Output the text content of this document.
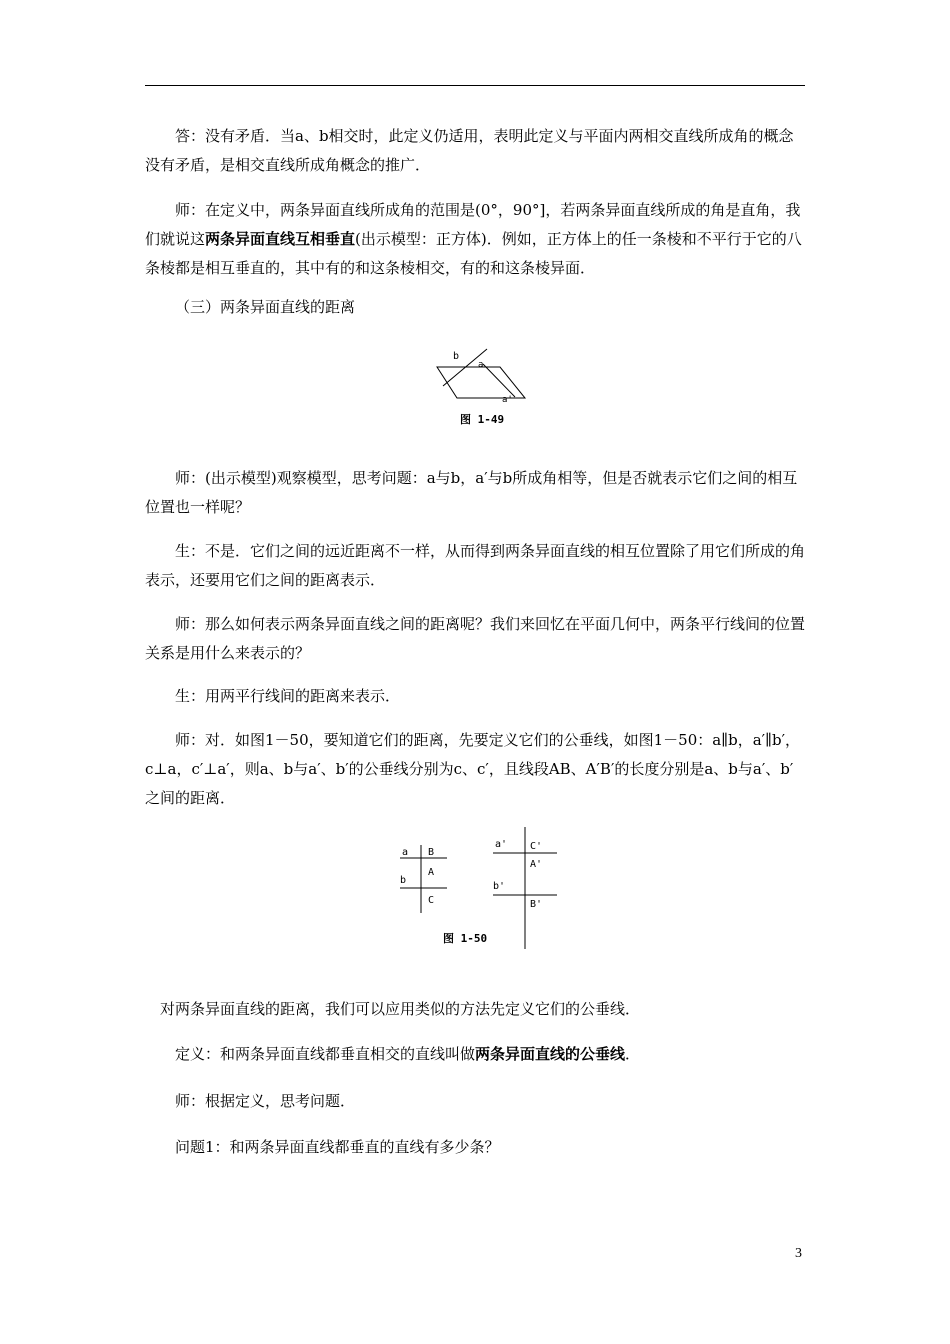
答：没有矛盾．当a、b相交时，此定义仍适用，表明此定义与平面内两相交直线所成角的概念没有矛盾，是相交直线所成角概念的推广．

师：在定义中，两条异面直线所成角的范围是(0°，90°]，若两条异面直线所成的角是直角，我们就说这两条异面直线互相垂直(出示模型：正方体)．例如，正方体上的任一条棱和不平行于它的八条棱都是相互垂直的，其中有的和这条棱相交，有的和这条棱异面．

（三）两条异面直线的距离
b
a
a'
图 1-49

师：(出示模型)观察模型，思考问题：a与b，a′与b所成角相等，但是否就表示它们之间的相互位置也一样呢？

生：不是．它们之间的远近距离不一样，从而得到两条异面直线的相互位置除了用它们所成的角表示，还要用它们之间的距离表示．

师：那么如何表示两条异面直线之间的距离呢？我们来回忆在平面几何中，两条平行线间的位置关系是用什么来表示的？

生：用两平行线间的距离来表示．

师：对．如图1－50，要知道它们的距离，先要定义它们的公垂线，如图1－50：a∥b，a′∥b′，c⊥a，c′⊥a′，则a、b与a′、b′的公垂线分别为c、c′，且线段AB、A′B′的长度分别是a、b与a′、b′之间的距离．

a
b
B
A
C
a'
b'
C'
A'
B'
图 1-50
对两条异面直线的距离，我们可以应用类似的方法先定义它们的公垂线．
定义：和两条异面直线都垂直相交的直线叫做两条异面直线的公垂线．
师：根据定义，思考问题．
问题1：和两条异面直线都垂直的直线有多少条？
3
